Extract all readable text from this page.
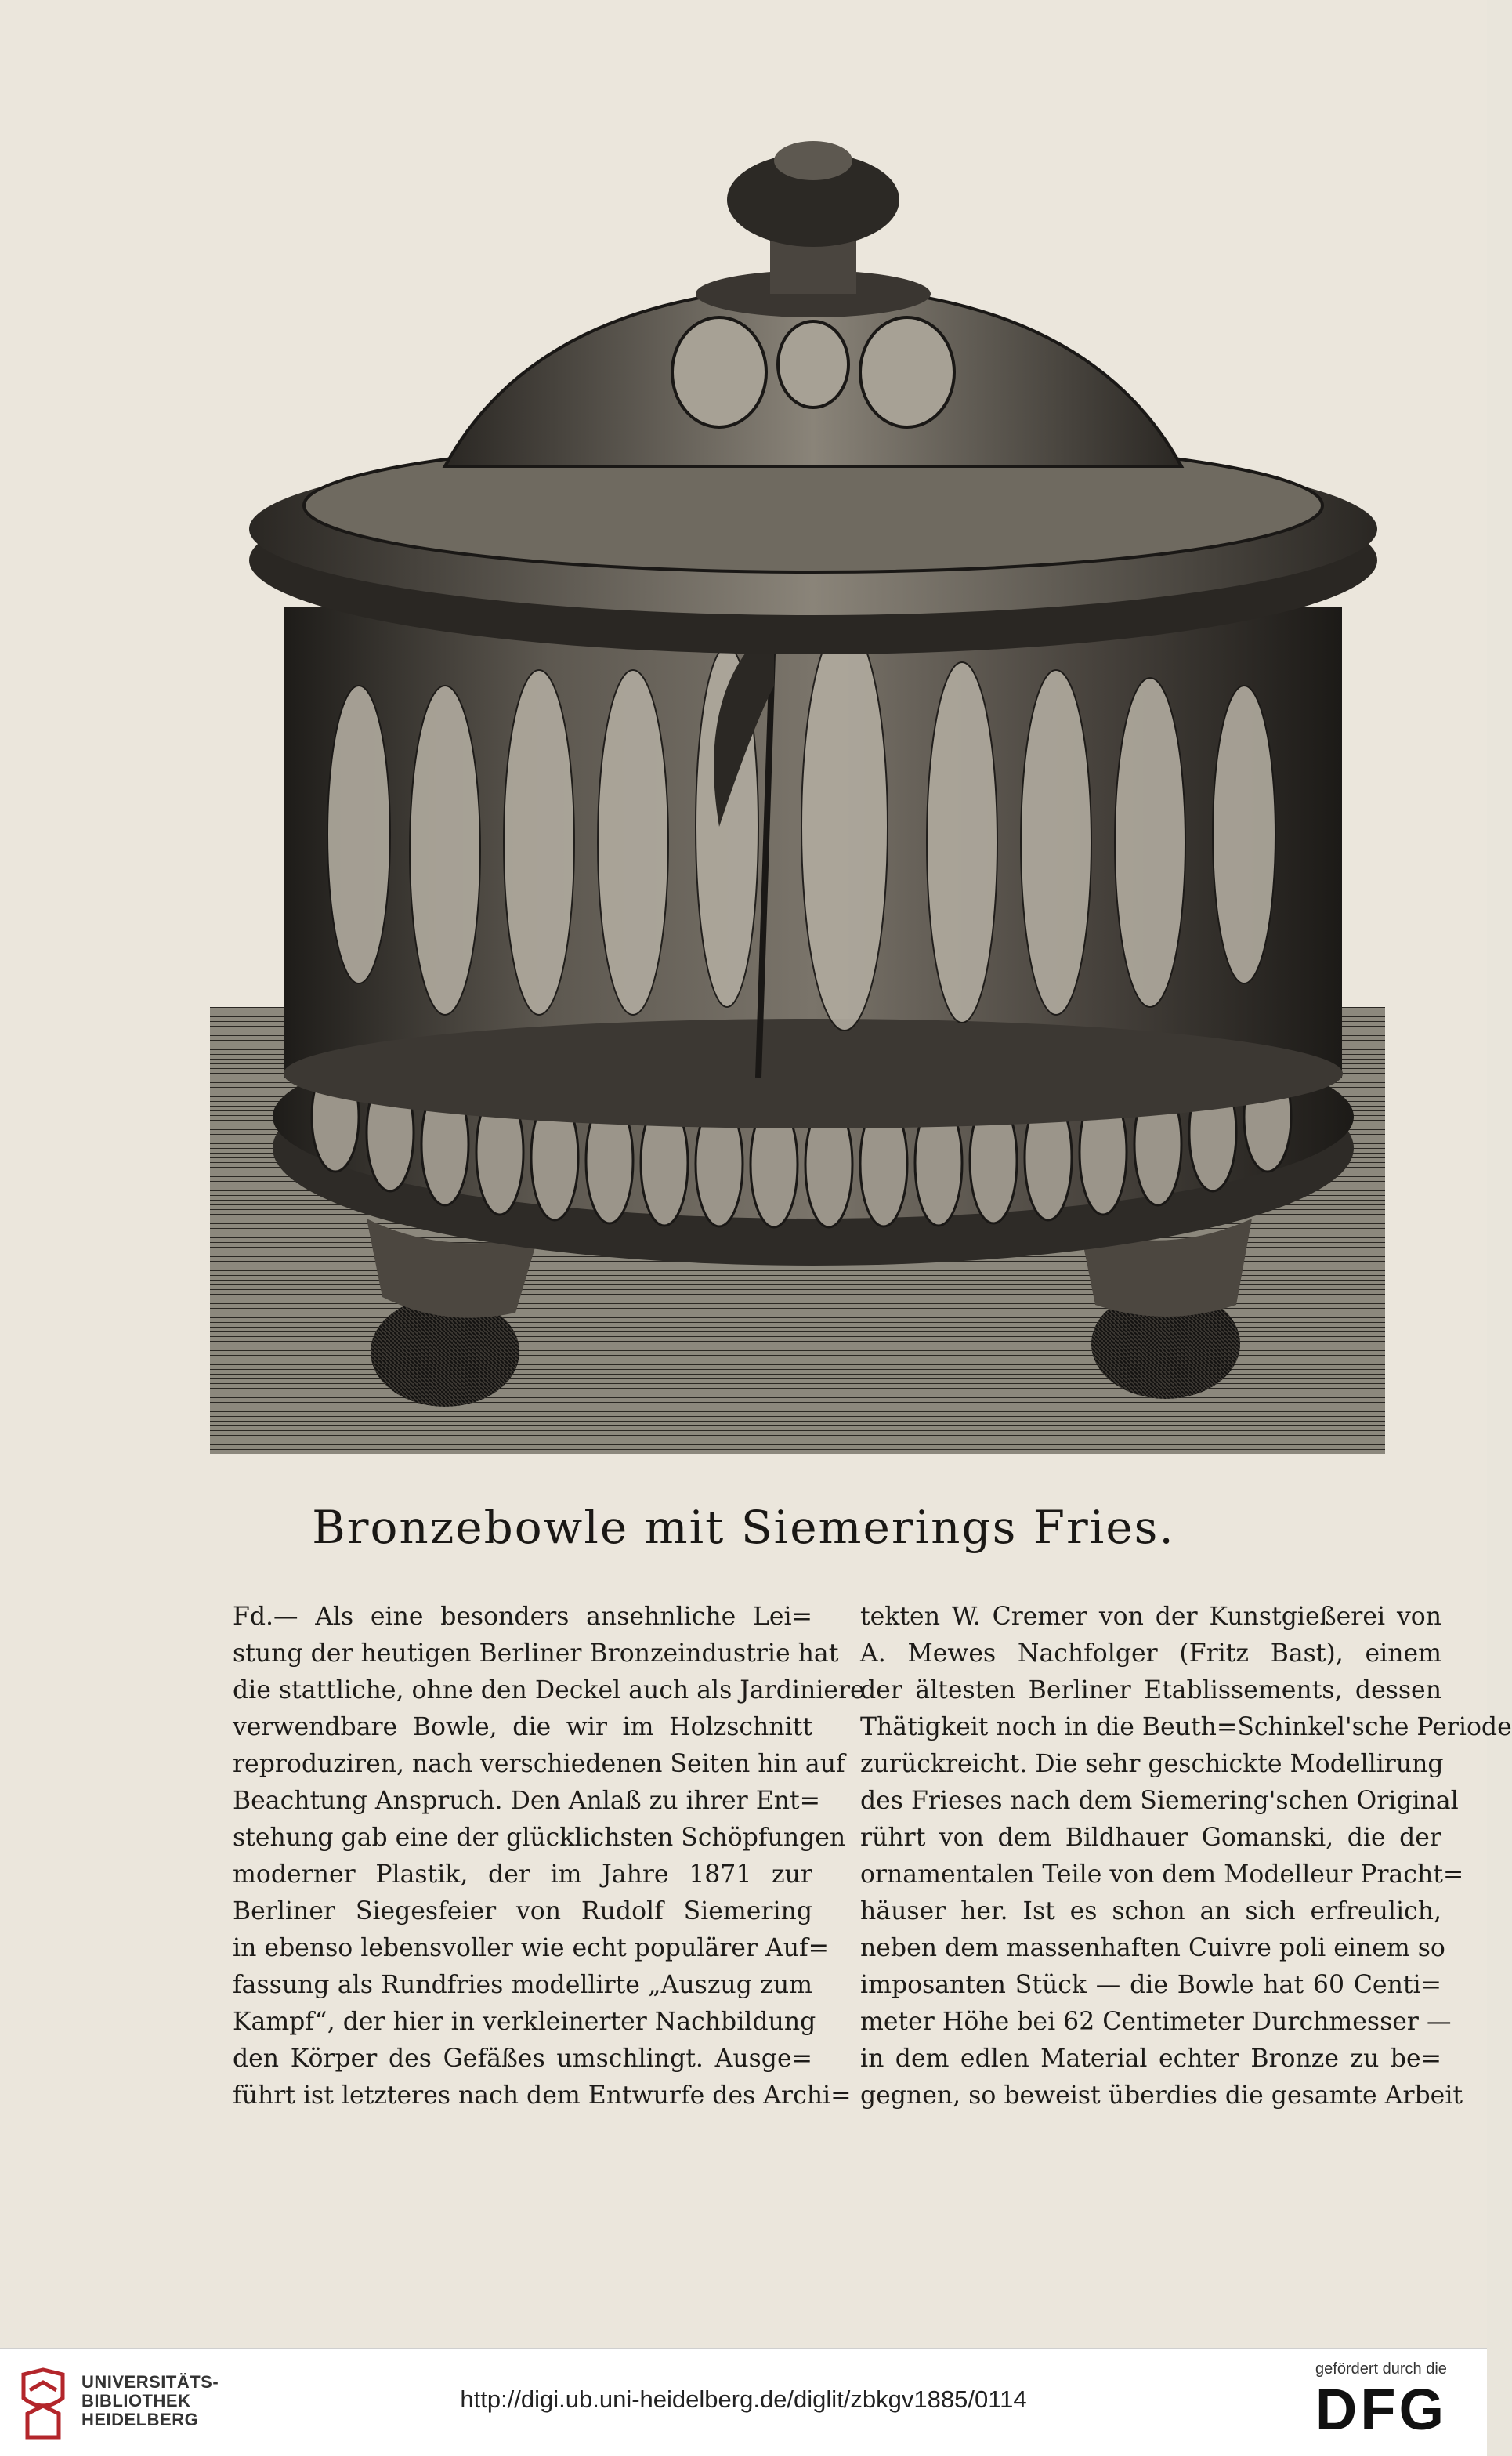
Bronzebowle mit Siemerings Fries.
Fd.— Als eine besonders ansehnliche Lei=
stung der heutigen Berliner Bronzeindustrie hat
die stattliche, ohne den Deckel auch als Jardiniere
verwendbare Bowle, die wir im Holzschnitt
reproduziren, nach verschiedenen Seiten hin auf
Beachtung Anspruch. Den Anlaß zu ihrer Ent=
stehung gab eine der glücklichsten Schöpfungen
moderner Plastik, der im Jahre 1871 zur
Berliner Siegesfeier von Rudolf Siemering
in ebenso lebensvoller wie echt populärer Auf=
fassung als Rundfries modellirte „Auszug zum
Kampf“, der hier in verkleinerter Nachbildung
den Körper des Gefäßes umschlingt. Ausge=
führt ist letzteres nach dem Entwurfe des Archi=
tekten W. Cremer von der Kunstgießerei von
A. Mewes Nachfolger (Fritz Bast), einem
der ältesten Berliner Etablissements, dessen
Thätigkeit noch in die Beuth=Schinkel'sche Periode
zurückreicht. Die sehr geschickte Modellirung
des Frieses nach dem Siemering'schen Original
rührt von dem Bildhauer Gomanski, die der
ornamentalen Teile von dem Modelleur Pracht=
häuser her. Ist es schon an sich erfreulich,
neben dem massenhaften Cuivre poli einem so
imposanten Stück — die Bowle hat 60 Centi=
meter Höhe bei 62 Centimeter Durchmesser —
in dem edlen Material echter Bronze zu be=
gegnen, so beweist überdies die gesamte Arbeit
UNIVERSITÄTS-
BIBLIOTHEK
HEIDELBERG
http://digi.ub.uni-heidelberg.de/diglit/zbkgv1885/0114
gefördert durch die
DFG
